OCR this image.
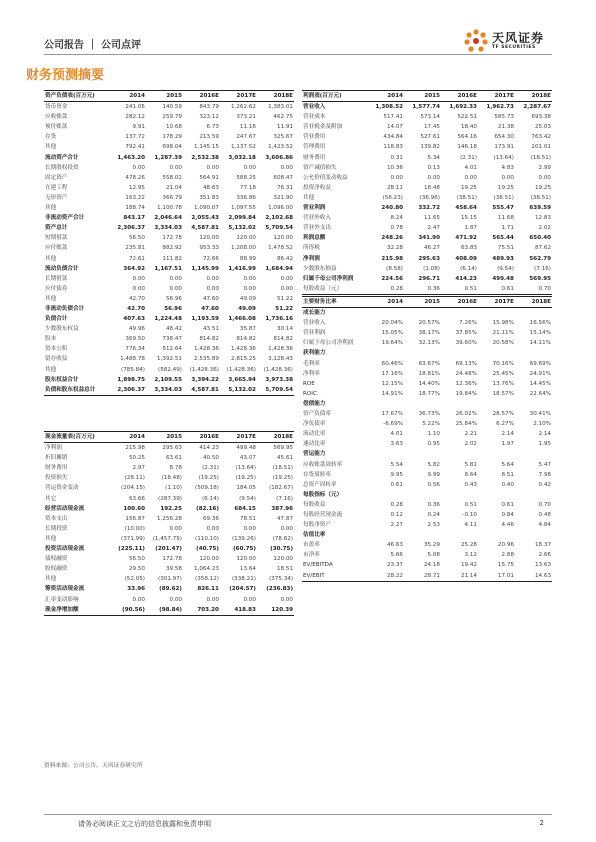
公司报告 ｜ 公司点评
天风证券
TF SECURITIES
财务预测摘要
资产负债表(百万元)	2014	2015	2016E	2017E	2018E
货币资金	241.05	140.59	843.79	1,262.62	1,383.01
应收账款	282.12	259.79	323.12	373.21	462.75
预付账款	9.91	10.68	6.73	11.16	11.91
存货	137.72	178.29	213.59	247.67	325.67
其他	792.41	698.04	1,145.15	1,137.52	1,423.52
流动资产合计	1,463.20	1,287.39	2,532.38	3,032.18	3,606.86
长期股权投资	0.00	0.00	0.00	0.00	0.00
固定资产	478.26	558.02	564.91	588.25	608.47
在建工程	12.95	21.04	48.63	77.18	76.31
无形资产	163.22	366.79	351.83	336.86	321.90
其他	188.74	1,100.78	1,090.07	1,097.55	1,096.00
非流动资产合计	843.17	2,046.64	2,055.43	2,099.84	2,102.68
资产总计	2,306.37	3,334.03	4,587.81	5,132.02	5,709.54
短期借款	56.50	172.78	120.00	120.00	120.00
应付账款	235.81	882.92	953.33	1,208.00	1,478.52
其他	72.61	111.82	72.66	88.99	86.42
流动负债合计	364.92	1,167.51	1,145.99	1,416.99	1,684.94
长期借款	0.00	0.00	0.00	0.00	0.00
应付债券	0.00	0.00	0.00	0.00	0.00
其他	42.70	56.96	47.60	49.09	51.22
非流动负债合计	42.70	56.96	47.60	49.09	51.22
负债合计	407.63	1,224.48	1,193.59	1,466.08	1,736.16
少数股东权益	49.96	48.42	43.51	35.87	30.14
股本	369.50	738.47	814.82	814.82	814.82
资本公积	776.34	512.64	1,428.36	1,428.36	1,428.36
留存收益	1,488.78	1,392.51	2,535.89	2,815.25	3,128.43
其他	(785.84)	(582.49)	(1,428.36)	(1,428.36)	(1,428.36)
股东权益合计	1,898.75	2,109.55	3,394.22	3,665.94	3,973.38
负债和股东权益总计	2,306.37	3,334.03	4,587.81	5,132.02	5,709.54
利润表(百万元)	2014	2015	2016E	2017E	2018E
营业收入	1,308.52	1,577.74	1,692.33	1,962.73	2,287.67
营业成本	517.41	573.14	522.51	585.73	693.38
营业税金及附加	14.07	17.45	18.40	21.38	25.03
营业费用	434.84	527.61	564.16	654.30	763.42
管理费用	118.83	139.82	146.18	173.91	201.01
财务费用	0.31	5.34	(2.31)	(13.64)	(18.51)
资产减值损失	10.36	0.13	4.01	4.83	2.99
公允价值变动收益	0.00	0.00	0.00	0.00	0.00
投资净收益	28.11	18.48	19.25	19.25	19.25
其他	(56.23)	(36.96)	(38.51)	(38.51)	(38.51)
营业利润	240.80	332.72	458.64	555.47	639.59
营业外收入	8.24	11.65	15.15	11.68	12.83
营业外支出	0.78	2.47	1.87	1.71	2.02
利润总额	248.26	341.90	471.92	565.44	650.40
所得税	32.28	46.27	63.83	75.51	87.62
净利润	215.98	295.63	408.09	489.93	562.79
少数股东损益	(8.58)	(1.08)	(6.14)	(9.54)	(7.16)
归属于母公司净利润	224.56	296.71	414.23	499.48	569.95
每股收益（元）	0.28	0.36	0.51	0.61	0.70
现金流量表(百万元)	2014	2015	2016E	2017E	2018E
净利润	215.98	295.63	414.23	499.48	569.95
折旧摊销	50.25	63.61	40.50	43.07	45.61
财务费用	2.97	8.78	(2.31)	(13.64)	(18.51)
投资损失	(28.11)	(18.48)	(19.25)	(19.25)	(19.25)
营运资金变动	(204.15)	(1.10)	(509.18)	184.05	(182.67)
其它	63.66	(287.39)	(6.14)	(9.54)	(7.16)
经营活动现金流	100.60	192.25	(82.16)	684.15	387.96
资本支出	156.87	1,256.28	69.36	78.51	47.87
长期投资	(10.00)	0.00	0.00	0.00	0.00
其他	(371.99)	(1,457.75)	(110.10)	(139.26)	(78.62)
投资活动现金流	(225.11)	(201.47)	(40.75)	(60.75)	(30.75)
债权融资	56.50	172.78	120.00	120.00	120.00
股权融资	29.50	39.58	1,064.23	13.64	18.51
其他	(52.05)	(301.97)	(358.12)	(338.21)	(375.34)
筹资活动现金流	33.96	(89.62)	826.11	(204.57)	(236.83)
汇率变动影响	0.00	0.00	0.00	0.00	0.00
现金净增加额	(90.56)	(98.84)	703.20	418.83	120.39
主要财务比率	2014	2015	2016E	2017E	2018E
成长能力					
营业收入	20.04%	20.57%	7.26%	15.98%	16.56%
营业利润	15.05%	38.17%	37.85%	21.11%	15.14%
归属于母公司净利润	19.64%	32.13%	39.60%	20.58%	14.11%
获利能力					
毛利率	60.46%	63.67%	69.13%	70.16%	69.69%
净利率	17.16%	18.81%	24.48%	25.45%	24.91%
ROE	12.15%	14.40%	12.36%	13.76%	14.45%
ROIC	14.91%	18.77%	19.84%	18.57%	22.64%
偿债能力					
资产负债率	17.67%	36.73%	26.02%	28.57%	30.41%
净负债率	-6.69%	5.22%	25.84%	6.27%	2.10%
流动比率	4.01	1.10	2.21	2.14	2.14
速动比率	3.63	0.95	2.02	1.97	1.95
营运能力					
应收账款周转率	5.54	5.82	5.81	5.64	5.47
存货周转率	9.95	9.99	8.64	8.51	7.98
总资产周转率	0.61	0.56	0.43	0.40	0.42
每股指标（元）					
每股收益	0.28	0.36	0.51	0.61	0.70
每股经营现金流	0.12	0.24	-0.10	0.84	0.48
每股净资产	2.27	2.53	4.11	4.46	4.84
估值比率					
市盈率	46.63	35.29	25.28	20.96	18.37
市净率	5.66	5.08	3.12	2.88	2.66
EV/EBITDA	23.37	24.18	19.42	15.75	13.63
EV/EBIT	28.22	28.71	21.14	17.01	14.63
资料来源：公司公告，天风证券研究所
请务必阅读正文之后的信息披露和免责申明	2
